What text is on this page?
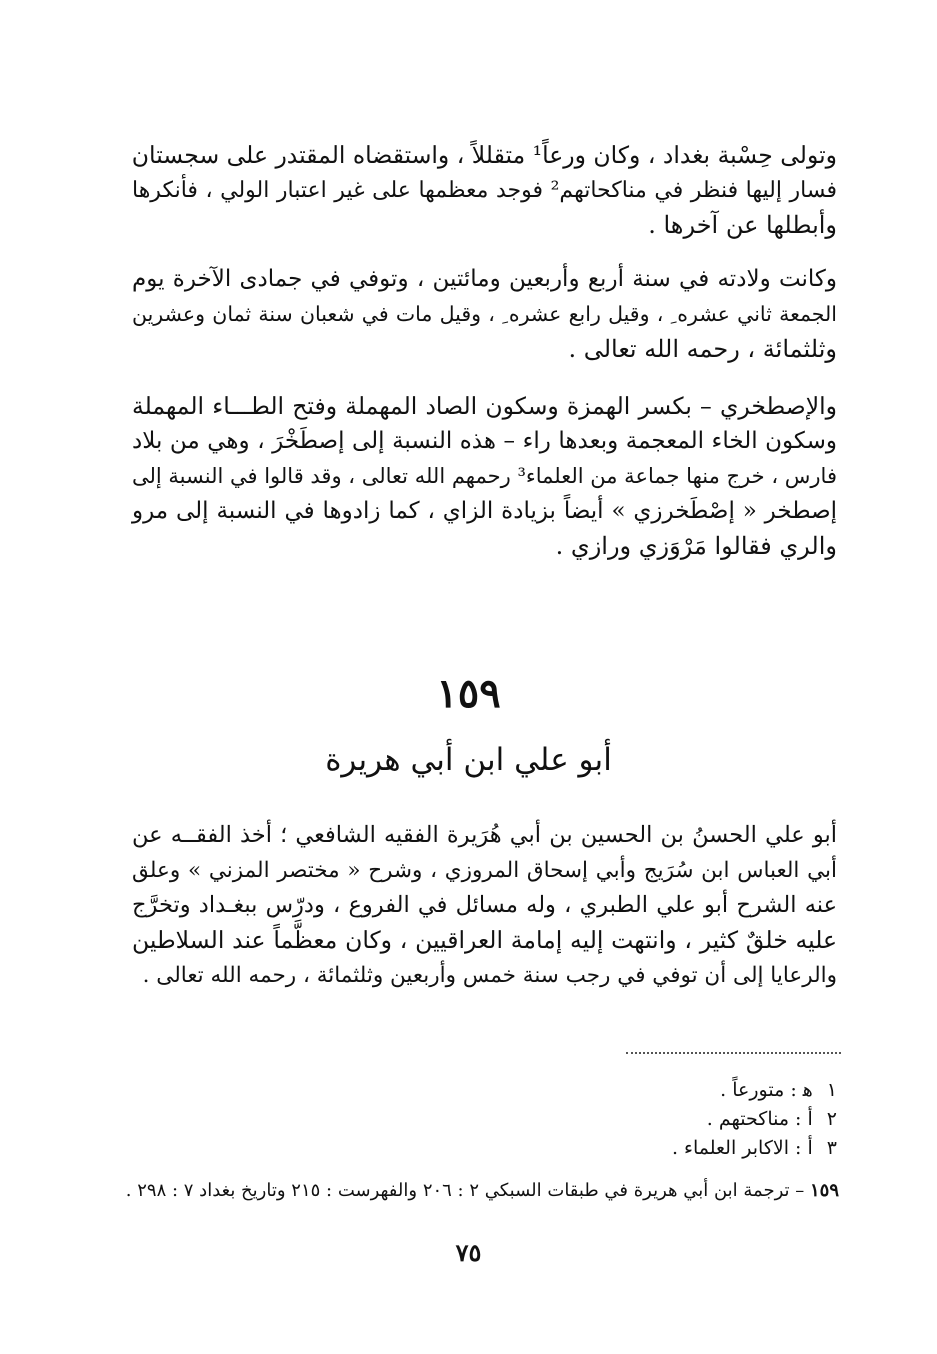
وتولى حِسْبة بغداد ، وكان ورعاً¹ متقللاً ، واستقضاه المقتدر على سجستان
فسار إليها فنظر في مناكحاتهم² فوجد معظمها على غير اعتبار الولي ، فأنكرها
وأبطلها عن آخرها .
وكانت ولادته في سنة أربع وأربعين ومائتين ، وتوفي في جمادى الآخرة يوم
الجمعة ثاني عشره ِ ، وقيل رابع عشره ِ ، وقيل مات في شعبان سنة ثمان وعشرين
وثلثمائة ، رحمه الله تعالى .
والإصطخري – بكسر الهمزة وسكون الصاد المهملة وفتح الطـــاء المهملة
وسكون الخاء المعجمة وبعدها راء – هذه النسبة إلى إصطَخْرَ ، وهي من بلاد
فارس ، خرج منها جماعة من العلماء³ رحمهم الله تعالى ، وقد قالوا في النسبة إلى
إصطخر « إصْطَخرزي » أيضاً بزيادة الزاي ، كما زادوها في النسبة إلى مرو
والري فقالوا مَرْوَزي ورازي .
١٥٩
أبو علي ابن أبي هريرة
أبو علي الحسنُ بن الحسين بن أبي هُرَيرة الفقيه الشافعي ؛ أخذ الفقــه عن
أبي العباس ابن سُرَيج وأبي إسحاق المروزي ، وشرح « مختصر المزني » وعلق
عنه الشرح أبو علي الطبري ، وله مسائل في الفروع ، ودرّس ببغـداد وتخرَّج
عليه خلقٌ كثير ، وانتهت إليه إمامة العراقيين ، وكان معظَّماً عند السلاطين
والرعايا إلى أن توفي في رجب سنة خمس وأربعين وثلثمائة ، رحمه الله تعالى .
١ﻫ : متورعاً .
٢أ : مناكحتهم .
٣أ : الاكابر العلماء .
١٥٩ – ترجمة ابن أبي هريرة في طبقات السبكي ٢ : ٢٠٦ والفهرست : ٢١٥ وتاريخ بغداد ٧ : ٢٩٨ .
٧٥
